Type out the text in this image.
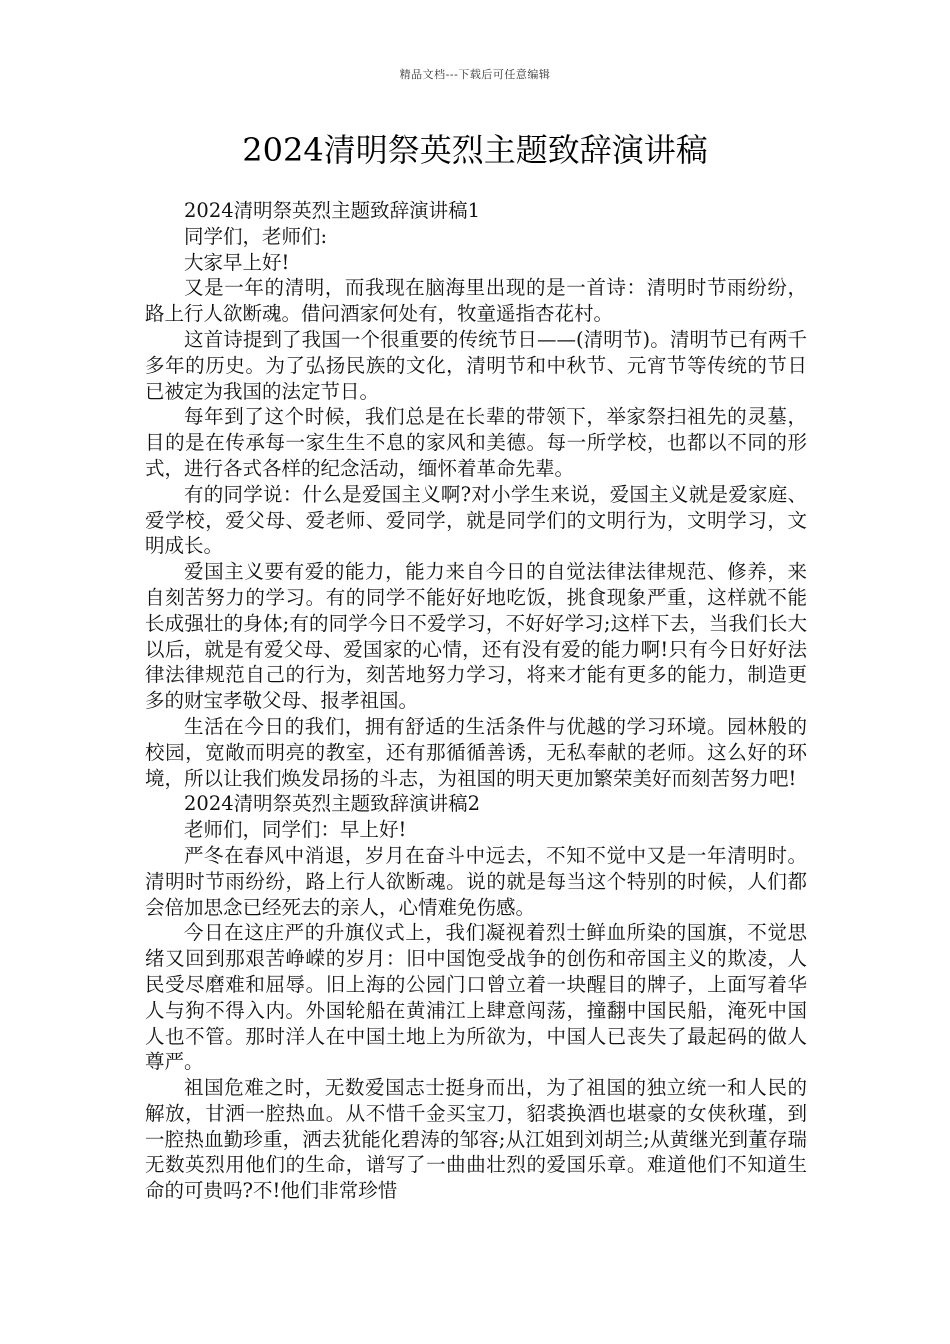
精品文档---下载后可任意编辑
2024清明祭英烈主题致辞演讲稿

2024清明祭英烈主题致辞演讲稿1

同学们，老师们:

大家早上好!

又是一年的清明，而我现在脑海里出现的是一首诗：清明时节雨纷纷，路上行人欲断魂。借问酒家何处有，牧童遥指杏花村。

这首诗提到了我国一个很重要的传统节日——(清明节)。清明节已有两千多年的历史。为了弘扬民族的文化，清明节和中秋节、元宵节等传统的节日已被定为我国的法定节日。

每年到了这个时候，我们总是在长辈的带领下，举家祭扫祖先的灵墓，目的是在传承每一家生生不息的家风和美德。每一所学校，也都以不同的形式，进行各式各样的纪念活动，缅怀着革命先辈。

有的同学说：什么是爱国主义啊?对小学生来说，爱国主义就是爱家庭、爱学校，爱父母、爱老师、爱同学，就是同学们的文明行为，文明学习，文明成长。

爱国主义要有爱的能力，能力来自今日的自觉法律法律规范、修养，来自刻苦努力的学习。有的同学不能好好地吃饭，挑食现象严重，这样就不能长成强壮的身体;有的同学今日不爱学习，不好好学习;这样下去，当我们长大以后，就是有爱父母、爱国家的心情，还有没有爱的能力啊!只有今日好好法律法律规范自己的行为，刻苦地努力学习，将来才能有更多的能力，制造更多的财宝孝敬父母、报孝祖国。

生活在今日的我们，拥有舒适的生活条件与优越的学习环境。园林般的校园，宽敞而明亮的教室，还有那循循善诱，无私奉献的老师。这么好的环境，所以让我们焕发昂扬的斗志，为祖国的明天更加繁荣美好而刻苦努力吧!

2024清明祭英烈主题致辞演讲稿2

老师们，同学们：早上好!

严冬在春风中消退，岁月在奋斗中远去，不知不觉中又是一年清明时。清明时节雨纷纷，路上行人欲断魂。说的就是每当这个特别的时候，人们都会倍加思念已经死去的亲人，心情难免伤感。

今日在这庄严的升旗仪式上，我们凝视着烈士鲜血所染的国旗，不觉思绪又回到那艰苦峥嵘的岁月：旧中国饱受战争的创伤和帝国主义的欺凌，人民受尽磨难和屈辱。旧上海的公园门口曾立着一块醒目的牌子，上面写着华人与狗不得入内。外国轮船在黄浦江上肆意闯荡，撞翻中国民船，淹死中国人也不管。那时洋人在中国土地上为所欲为，中国人已丧失了最起码的做人尊严。

祖国危难之时，无数爱国志士挺身而出，为了祖国的独立统一和人民的解放，甘洒一腔热血。从不惜千金买宝刀，貂裘换酒也堪豪的女侠秋瑾，到一腔热血勤珍重，洒去犹能化碧涛的邹容;从江姐到刘胡兰;从黄继光到董存瑞无数英烈用他们的生命，谱写了一曲曲壮烈的爱国乐章。难道他们不知道生命的可贵吗?不!他们非常珍惜
